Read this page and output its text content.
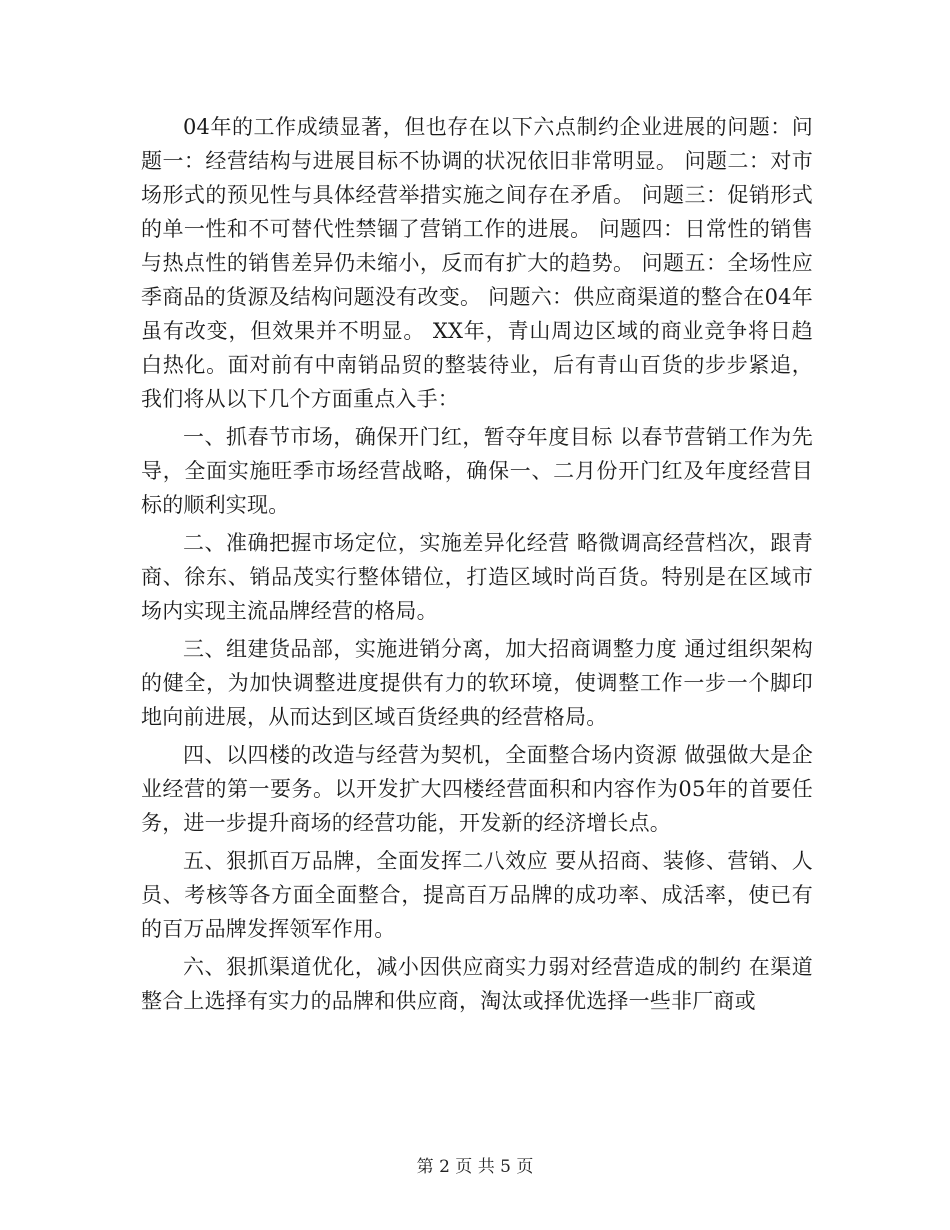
04年的工作成绩显著，但也存在以下六点制约企业进展的问题：问题一：经营结构与进展目标不协调的状况依旧非常明显。 问题二：对市场形式的预见性与具体经营举措实施之间存在矛盾。 问题三：促销形式的单一性和不可替代性禁锢了营销工作的进展。 问题四：日常性的销售与热点性的销售差异仍未缩小，反而有扩大的趋势。 问题五：全场性应季商品的货源及结构问题没有改变。 问题六：供应商渠道的整合在04年虽有改变，但效果并不明显。 XX年，青山周边区域的商业竞争将日趋白热化。面对前有中南销品贸的整装待业，后有青山百货的步步紧追，我们将从以下几个方面重点入手：

一、抓春节市场，确保开门红，暂夺年度目标 以春节营销工作为先导，全面实施旺季市场经营战略，确保一、二月份开门红及年度经营目标的顺利实现。

二、准确把握市场定位，实施差异化经营 略微调高经营档次，跟青商、徐东、销品茂实行整体错位，打造区域时尚百货。特别是在区域市场内实现主流品牌经营的格局。

三、组建货品部，实施进销分离，加大招商调整力度 通过组织架构的健全，为加快调整进度提供有力的软环境，使调整工作一步一个脚印地向前进展，从而达到区域百货经典的经营格局。

四、以四楼的改造与经营为契机，全面整合场内资源 做强做大是企业经营的第一要务。以开发扩大四楼经营面积和内容作为05年的首要任务，进一步提升商场的经营功能，开发新的经济增长点。

五、狠抓百万品牌，全面发挥二八效应 要从招商、装修、营销、人员、考核等各方面全面整合，提高百万品牌的成功率、成活率，使已有的百万品牌发挥领军作用。

六、狠抓渠道优化，减小因供应商实力弱对经营造成的制约 在渠道整合上选择有实力的品牌和供应商，淘汰或择优选择一些非厂商或

第 2 页 共 5 页
